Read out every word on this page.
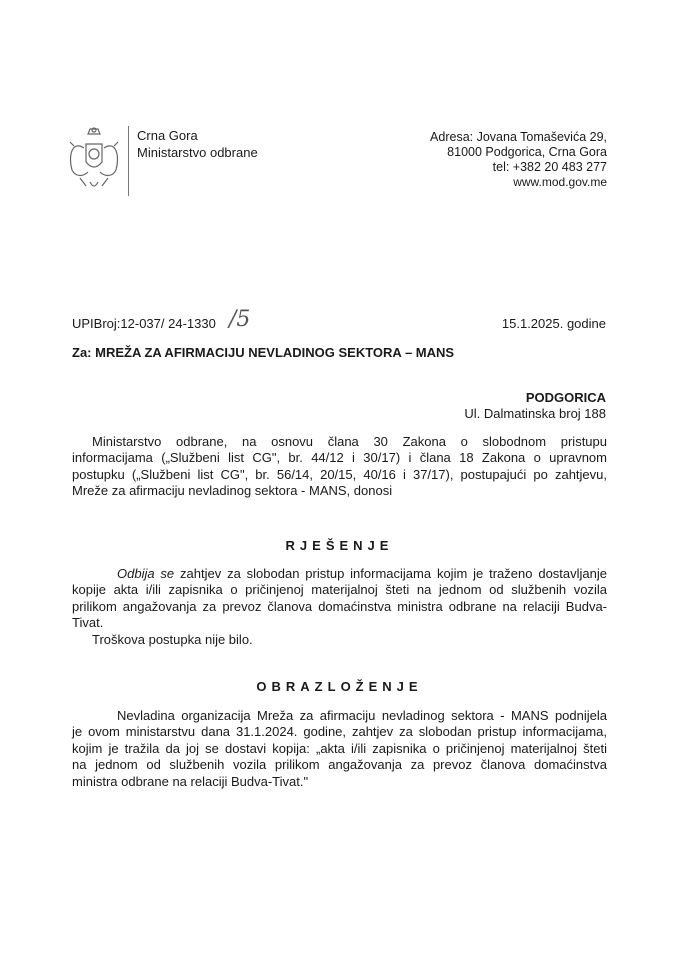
Crna Gora
Ministarstvo odbrane
Adresa: Jovana Tomaševića 29,
81000 Podgorica, Crna Gora
tel: +382 20 483 277
www.mod.gov.me
UPIBroj:12-037/ 24-1330 /5	15.1.2025. godine
Za: MREŽA ZA AFIRMACIJU NEVLADINOG SEKTORA – MANS
PODGORICA
Ul. Dalmatinska broj 188
Ministarstvo odbrane, na osnovu člana 30 Zakona o slobodnom pristupu
informacijama („Službeni list CG", br. 44/12 i 30/17) i člana 18 Zakona o upravnom
postupku („Službeni list CG", br. 56/14, 20/15, 40/16 i 37/17), postupajući po zahtjevu,
Mreže za afirmaciju nevladinog sektora - MANS, donosi
RJEŠENJE
Odbija se zahtjev za slobodan pristup informacijama kojim je traženo dostavljanje
kopije akta i/ili zapisnika o pričinjenoj materijalnoj šteti na jednom od službenih vozila
prilikom angažovanja za prevoz članova domaćinstva ministra odbrane na relaciji Budva-
Tivat.
Troškova postupka nije bilo.
OBRAZLOŽENJE
Nevladina organizacija Mreža za afirmaciju nevladinog sektora - MANS podnijela
je ovom ministarstvu dana 31.1.2024. godine, zahtjev za slobodan pristup informacijama,
kojim je tražila da joj se dostavi kopija: „akta i/ili zapisnika o pričinjenoj materijalnoj šteti
na jednom od službenih vozila prilikom angažovanja za prevoz članova domaćinstva
ministra odbrane na relaciji Budva-Tivat."
